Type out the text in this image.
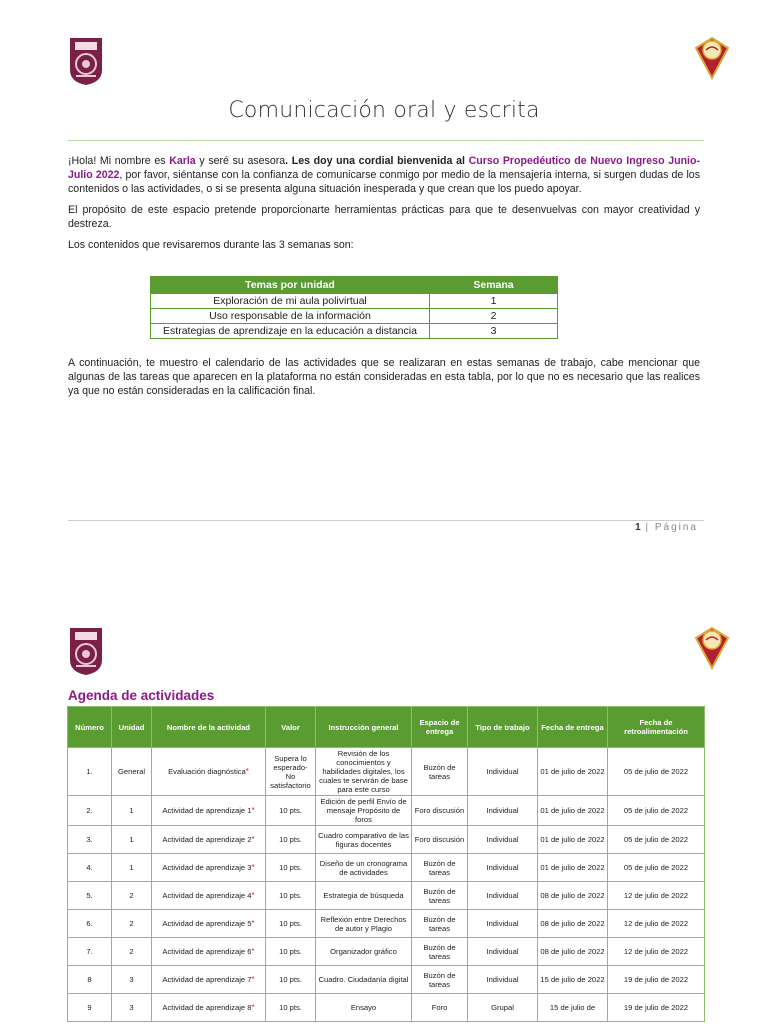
Comunicación oral y escrita
¡Hola! Mi nombre es Karla y seré su asesora. Les doy una cordial bienvenida al Curso Propedéutico de Nuevo Ingreso Junio-Julio 2022, por favor, siéntanse con la confianza de comunicarse conmigo por medio de la mensajería interna, si surgen dudas de los contenidos o las actividades, o si se presenta alguna situación inesperada y que crean que los puedo apoyar.
El propósito de este espacio pretende proporcionarte herramientas prácticas para que te desenvuelvas con mayor creatividad y destreza.
Los contenidos que revisaremos durante las 3 semanas son:
Temas por unidad	Semana
Exploración de mi aula polivirtual	1
Uso responsable de la información	2
Estrategias de aprendizaje en la educación a distancia	3
A continuación, te muestro el calendario de las actividades que se realizaran en estas semanas de trabajo, cabe mencionar que algunas de las tareas que aparecen en la plataforma no están consideradas en esta tabla, por lo que no es necesario que las realices ya que no están consideradas en la calificación final.
1 | Página
Agenda de actividades
Número	Unidad	Nombre de la actividad	Valor	Instrucción general	Espacio de entrega	Tipo de trabajo	Fecha de entrega	Fecha de retroalimentación
1.	General	Evaluación diagnóstica*	Supera lo esperado- No satisfactorio	Revisión de los conocimientos y habilidades digitales, los cuales te servirán de base para este curso	Buzón de tareas	Individual	01 de julio de 2022	05 de julio de 2022
2.	1	Actividad de aprendizaje 1*	10 pts.	Edición de perfil Envío de mensaje Propósito de foros	Foro discusión	Individual	01 de julio de 2022	05 de julio de 2022
3.	1	Actividad de aprendizaje 2*	10 pts.	Cuadro comparativo de las figuras docentes	Foro discusión	Individual	01 de julio de 2022	05 de julio de 2022
4.	1	Actividad de aprendizaje 3*	10 pts.	Diseño de un cronograma de actividades	Buzón de tareas	Individual	01 de julio de 2022	05 de julio de 2022
5.	2	Actividad de aprendizaje 4*	10 pts.	Estrategia de búsqueda	Buzón de tareas	Individual	08 de julio de 2022	12 de julio de 2022
6.	2	Actividad de aprendizaje 5*	10 pts.	Reflexión entre Derechos de autor y Plagio	Buzón de tareas	Individual	08 de julio de 2022	12 de julio de 2022
7.	2	Actividad de aprendizaje 6*	10 pts.	Organizador gráfico	Buzón de tareas	Individual	08 de julio de 2022	12 de julio de 2022
8	3	Actividad de aprendizaje 7*	10 pts.	Cuadro. Ciudadanía digital	Buzón de tareas	Individual	15 de julio de 2022	19 de julio de 2022
9	3	Actividad de aprendizaje 8*	10 pts.	Ensayo	Foro	Grupal	15 de julio de	19 de julio de 2022
